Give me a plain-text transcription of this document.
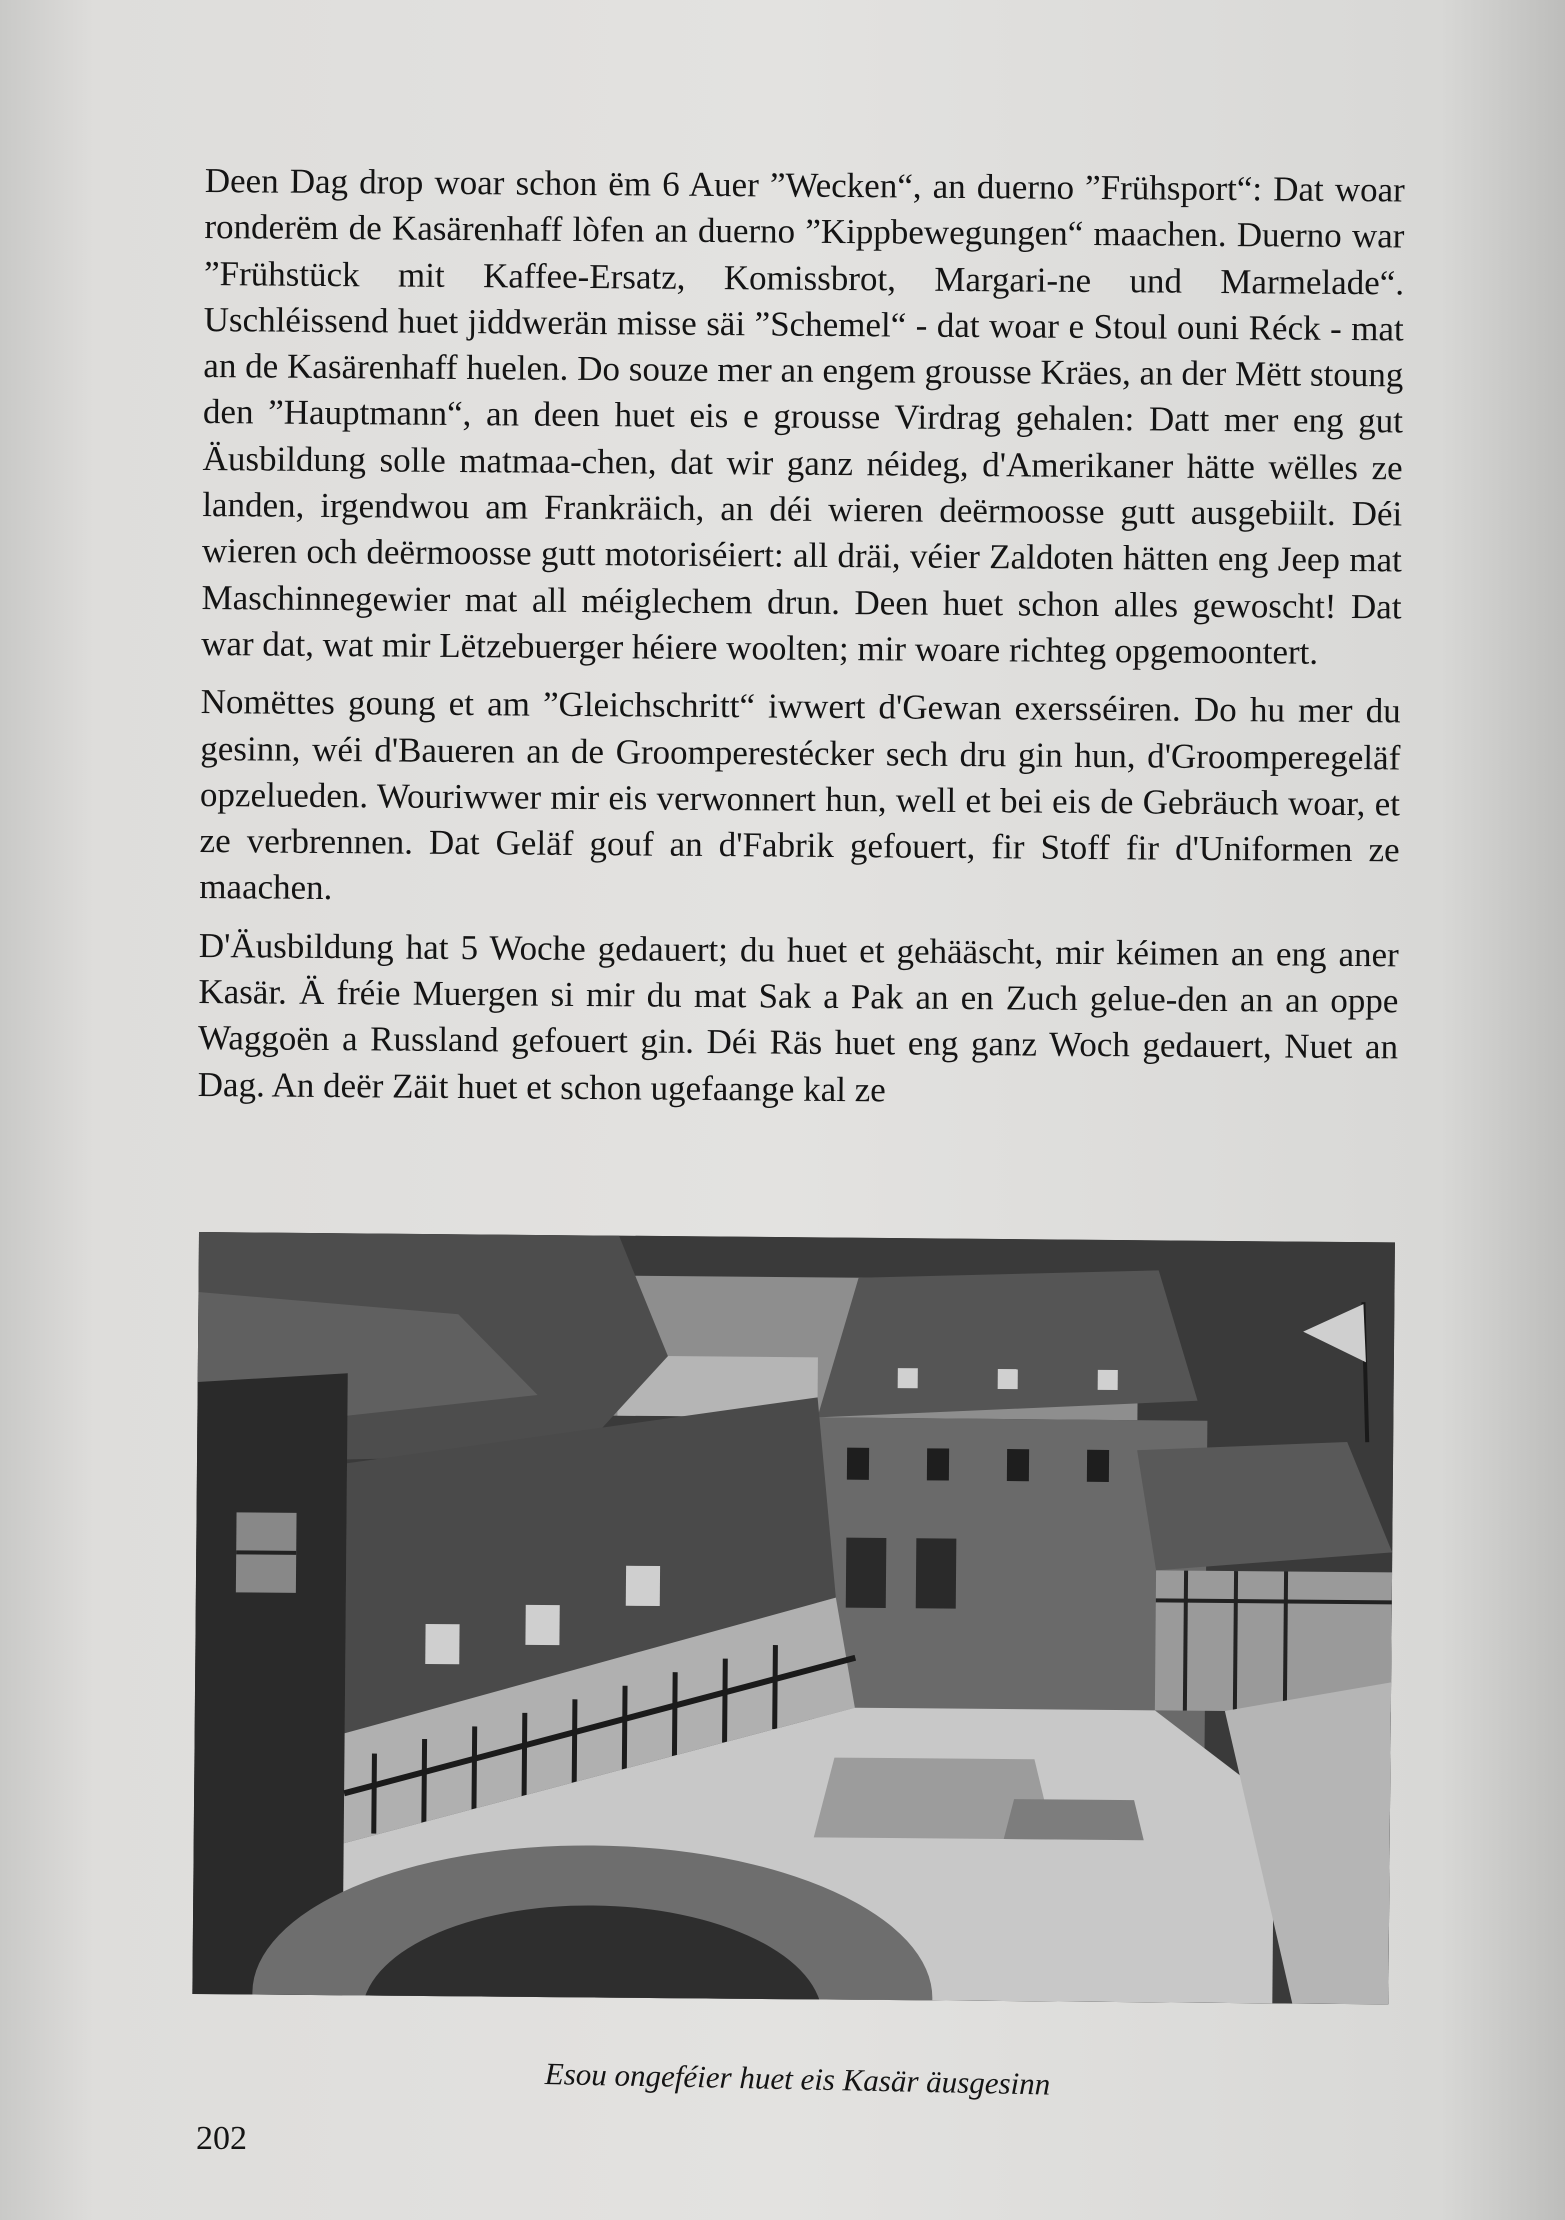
Deen Dag drop woar schon ëm 6 Auer ”Wecken“, an duerno ”Frühsport“: Dat woar ronderëm de Kasärenhaff lòfen an duerno ”Kippbewegungen“ maachen. Duerno war ”Frühstück mit Kaffee-Ersatz, Komissbrot, Margari-ne und Marmelade“. Uschléissend huet jiddwerän misse säi ”Schemel“ - dat woar e Stoul ouni Réck - mat an de Kasärenhaff huelen. Do souze mer an engem grousse Kräes, an der Mëtt stoung den ”Hauptmann“, an deen huet eis e grousse Virdrag gehalen: Datt mer eng gut Äusbildung solle matmaa-chen, dat wir ganz néideg, d'Amerikaner hätte wëlles ze landen, irgendwou am Frankräich, an déi wieren deërmoosse gutt ausgebiilt. Déi wieren och deërmoosse gutt motoriséiert: all dräi, véier Zaldoten hätten eng Jeep mat Maschinnegewier mat all méiglechem drun. Deen huet schon alles gewoscht! Dat war dat, wat mir Lëtzebuerger héiere woolten; mir woare richteg opgemoontert.

Nomëttes goung et am ”Gleichschritt“ iwwert d'Gewan exersséiren. Do hu mer du gesinn, wéi d'Baueren an de Groomperestécker sech dru gin hun, d'Groomperegeläf opzelueden. Wouriwwer mir eis verwonnert hun, well et bei eis de Gebräuch woar, et ze verbrennen. Dat Geläf gouf an d'Fabrik gefouert, fir Stoff fir d'Uniformen ze maachen.

D'Äusbildung hat 5 Woche gedauert; du huet et gehääscht, mir kéimen an eng aner Kasär. Ä fréie Muergen si mir du mat Sak a Pak an en Zuch gelue-den an an oppe Waggoën a Russland gefouert gin. Déi Räs huet eng ganz Woch gedauert, Nuet an Dag. An deër Zäit huet et schon ugefaange kal ze

Esou ongeféier huet eis Kasär äusgesinn
202
